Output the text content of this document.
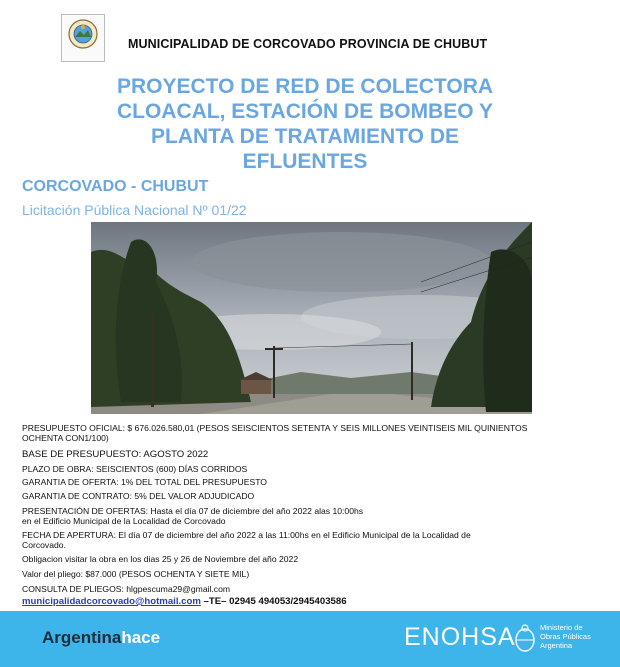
MUNICIPALIDAD DE CORCOVADO PROVINCIA DE CHUBUT
PROYECTO DE RED DE COLECTORA
CLOACAL, ESTACIÓN DE BOMBEO Y
PLANTA DE TRATAMIENTO DE
EFLUENTES
CORCOVADO - CHUBUT
Licitación Pública Nacional Nº 01/22
PRESUPUESTO OFICIAL: $ 676.026.580,01 (PESOS SEISCIENTOS SETENTA Y SEIS MILLONES VEINTISEIS MIL QUINIENTOS
OCHENTA CON1/100)
BASE DE PRESUPUESTO: AGOSTO 2022
PLAZO DE OBRA: SEISCIENTOS (600) DÍAS CORRIDOS
GARANTIA DE OFERTA: 1% DEL TOTAL DEL PRESUPUESTO
GARANTIA DE CONTRATO: 5% DEL VALOR ADJUDICADO
PRESENTACIÓN DE OFERTAS: Hasta el día 07 de diciembre del año 2022 alas 10:00hs
en el Edificio Municipal de la Localidad de Corcovado
FECHA DE APERTURA: El día 07 de diciembre del año 2022 a las 11:00hs en el Edificio Municipal de la Localidad de
Corcovado.
Obligacion visitar la obra en los dias 25 y 26 de Noviembre del año 2022
Valor del pliego: $87.000 (PESOS OCHENTA Y SIETE MIL)
CONSULTA DE PLIEGOS: hlgpescuma29@gmail.com
municipalidadcorcovado@hotmail.com –TE– 02945 494053/2945403586
Argentinahace	ENOHSA	Ministerio de
Obras Públicas
Argentina
